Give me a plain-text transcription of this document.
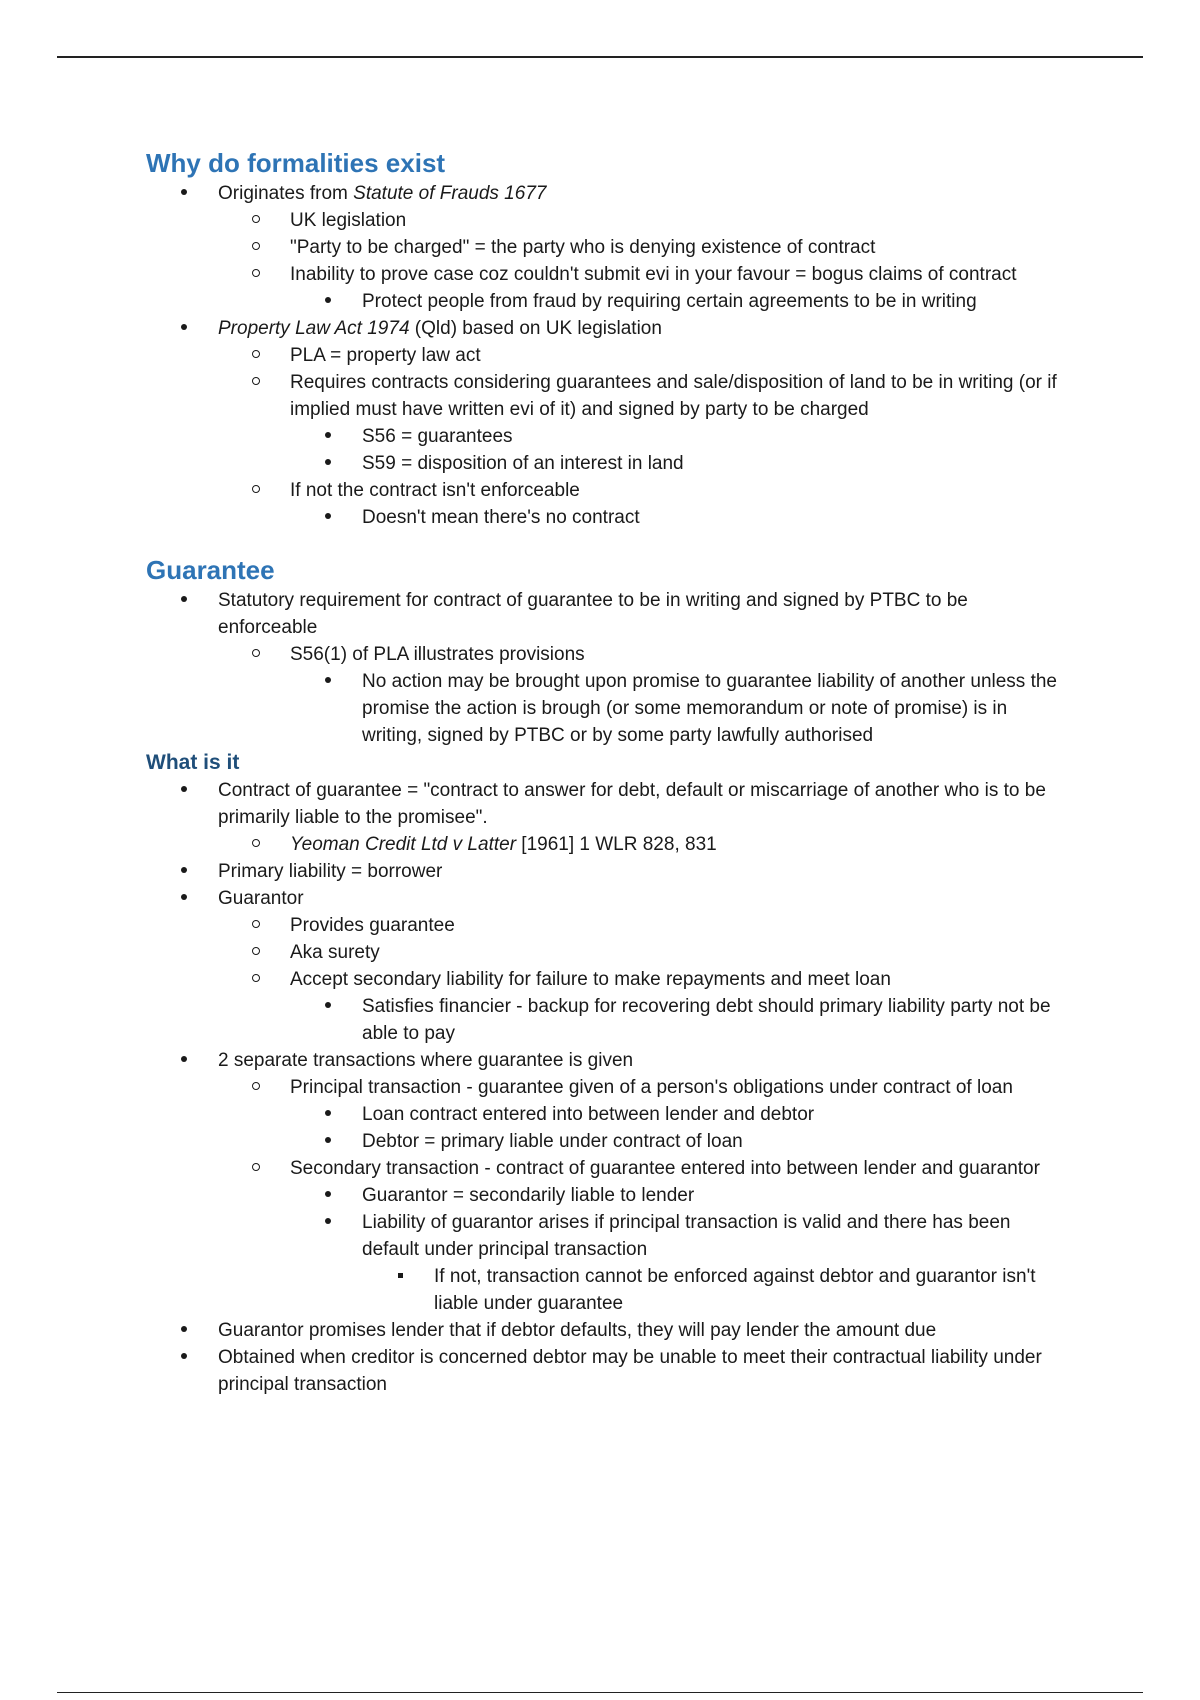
Why do formalities exist
Originates from Statute of Frauds 1677
UK legislation
"Party to be charged" = the party who is denying existence of contract
Inability to prove case coz couldn't submit evi in your favour = bogus claims of contract
Protect people from fraud by requiring certain agreements to be in writing
Property Law Act 1974 (Qld) based on UK legislation
PLA = property law act
Requires contracts considering guarantees and sale/disposition of land to be in writing (or if implied must have written evi of it) and signed by party to be charged
S56 = guarantees
S59 = disposition of an interest in land
If not the contract isn't enforceable
Doesn't mean there's no contract
Guarantee
Statutory requirement for contract of guarantee to be in writing and signed by PTBC to be enforceable
S56(1) of PLA illustrates provisions
No action may be brought upon promise to guarantee liability of another unless the promise the action is brough (or some memorandum or note of promise) is in writing, signed by PTBC or by some party lawfully authorised
What is it
Contract of guarantee = "contract to answer for debt, default or miscarriage of another who is to be primarily liable to the promisee".
Yeoman Credit Ltd v Latter [1961] 1 WLR 828, 831
Primary liability = borrower
Guarantor
Provides guarantee
Aka surety
Accept secondary liability for failure to make repayments and meet loan
Satisfies financier - backup for recovering debt should primary liability party not be able to pay
2 separate transactions where guarantee is given
Principal transaction - guarantee given of a person's obligations under contract of loan
Loan contract entered into between lender and debtor
Debtor = primary liable under contract of loan
Secondary transaction - contract of guarantee entered into between lender and guarantor
Guarantor = secondarily liable to lender
Liability of guarantor arises if principal transaction is valid and there has been default under principal transaction
If not, transaction cannot be enforced against debtor and guarantor isn't liable under guarantee
Guarantor promises lender that if debtor defaults, they will pay lender the amount due
Obtained when creditor is concerned debtor may be unable to meet their contractual liability under principal transaction
